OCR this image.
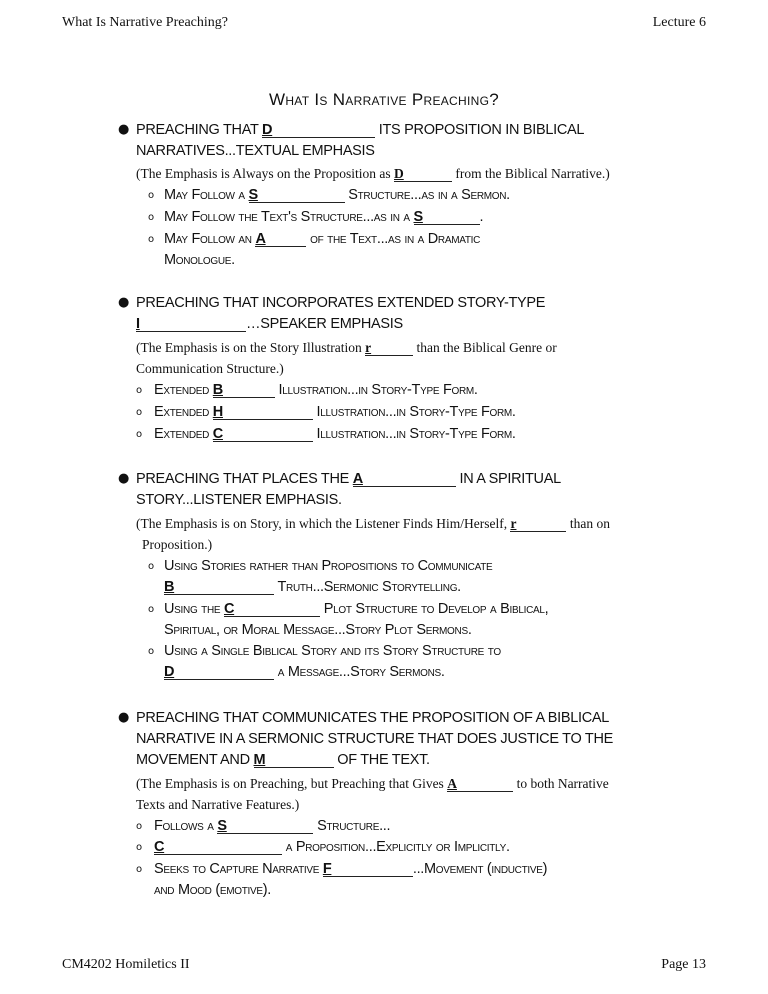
What Is Narrative Preaching?	Lecture 6
What Is Narrative Preaching?
● PREACHING THAT D	ITS PROPOSITION IN BIBLICAL
NARRATIVES...TEXTUAL EMPHASIS
(The Emphasis is Always on the Proposition as D	from the Biblical Narrative.)
o May Follow a S	Structure...as in a Sermon.
o May Follow the Text's Structure...as in a S	.
o May Follow an A	of the Text...as in a Dramatic
Monologue.
● PREACHING THAT INCORPORATES EXTENDED STORY-TYPE
I	…SPEAKER EMPHASIS
(The Emphasis is on the Story Illustration r	than the Biblical Genre or
Communication Structure.)
o Extended B	Illustration...in Story-Type Form.
o Extended H	Illustration...in Story-Type Form.
o Extended C	Illustration...in Story-Type Form.
● PREACHING THAT PLACES THE A	IN A SPIRITUAL
STORY...LISTENER EMPHASIS.
(The Emphasis is on Story, in which the Listener Finds Him/Herself, r	than on
Proposition.)
o Using Stories rather than Propositions to Communicate
B	Truth...Sermonic Storytelling.
o Using the C	Plot Structure to Develop a Biblical,
Spiritual, or Moral Message...Story Plot Sermons.
o Using a Single Biblical Story and its Story Structure to
D	a Message...Story Sermons.
● PREACHING THAT COMMUNICATES THE PROPOSITION OF A BIBLICAL
NARRATIVE IN A SERMONIC STRUCTURE THAT DOES JUSTICE TO THE
MOVEMENT AND M	OF THE TEXT.
(The Emphasis is on Preaching, but Preaching that Gives A	to both Narrative
Texts and Narrative Features.)
o Follows a S	Structure...
o C	a Proposition...Explicitly or Implicitly.
o Seeks to Capture Narrative F	...Movement (inductive)
and Mood (emotive).
CM4202 Homiletics II	Page 13
